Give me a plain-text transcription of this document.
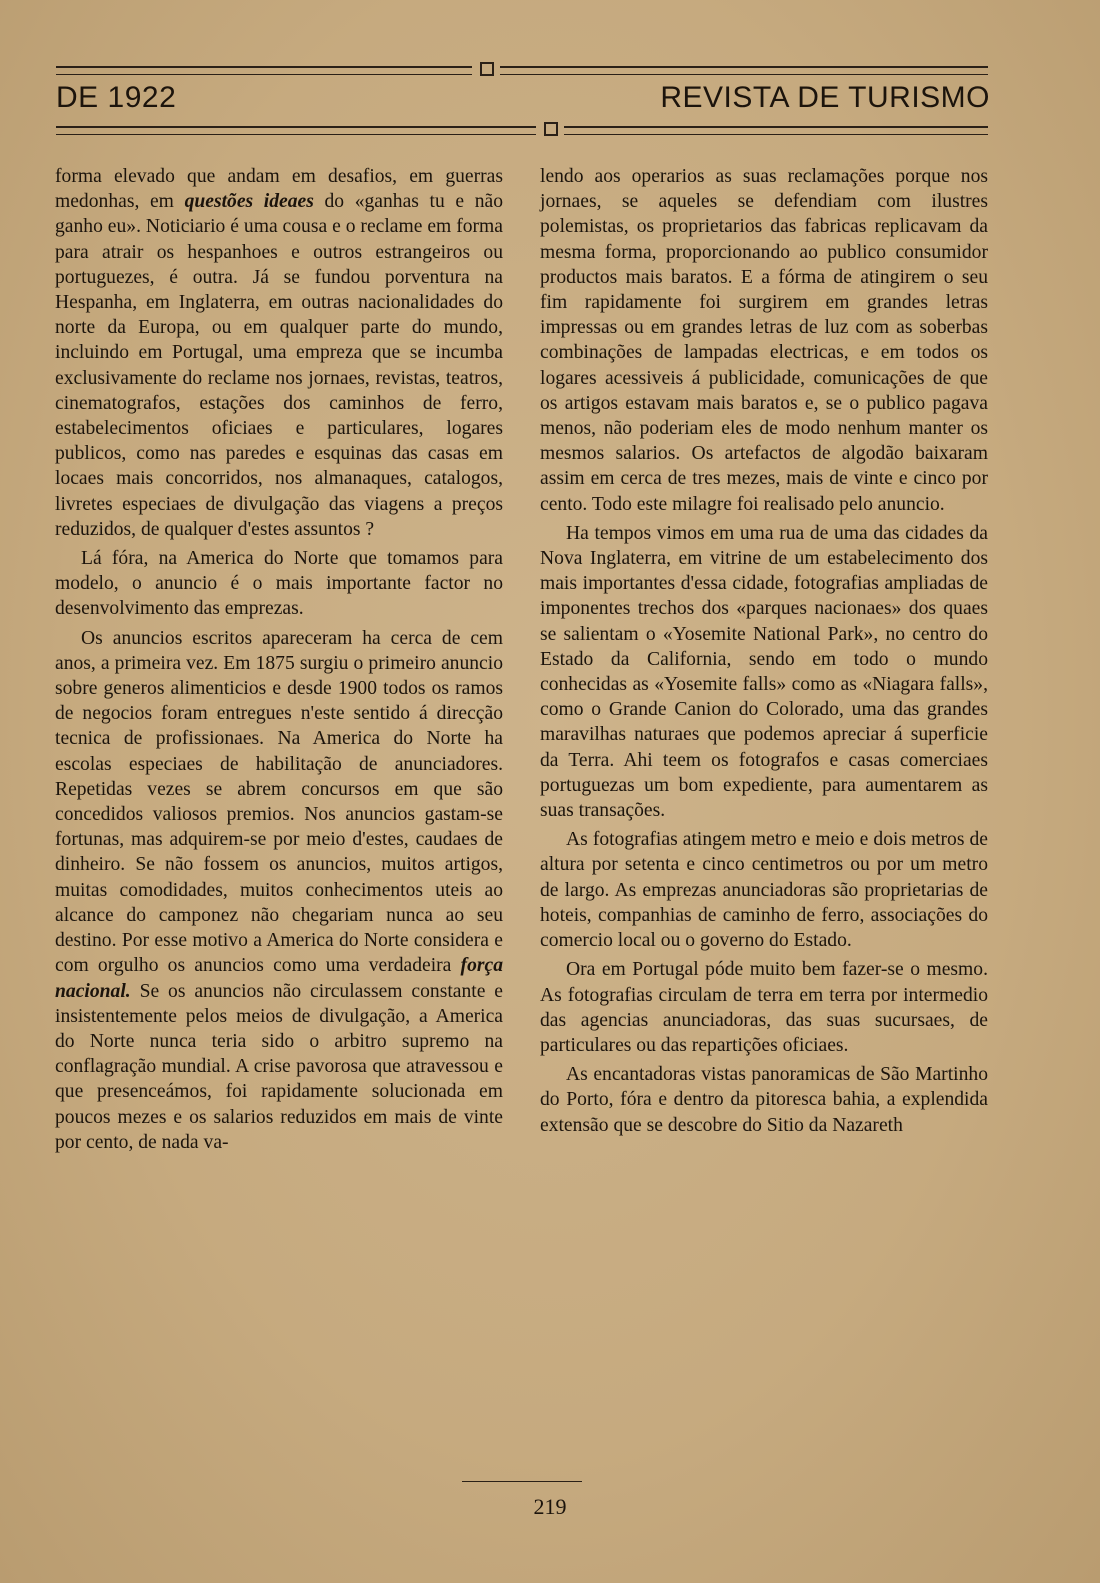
DE 1922	REVISTA DE TURISMO

forma elevado que andam em desafios, em guerras medonhas, em questões ideaes do «ganhas tu e não ganho eu». Noticiario é uma cousa e o reclame em forma para atrair os hespanhoes e outros estrangeiros ou portuguezes, é outra. Já se fundou porventura na Hespanha, em Inglaterra, em outras nacionalidades do norte da Europa, ou em qualquer parte do mundo, incluindo em Portugal, uma empreza que se incumba exclusivamente do reclame nos jornaes, revistas, teatros, cinematografos, estações dos caminhos de ferro, estabelecimentos oficiaes e particulares, logares publicos, como nas paredes e esquinas das casas em locaes mais concorridos, nos almanaques, catalogos, livretes especiaes de divulgação das viagens a preços reduzidos, de qualquer d'estes assuntos ?

Lá fóra, na America do Norte que tomamos para modelo, o anuncio é o mais importante factor no desenvolvimento das emprezas.

Os anuncios escritos apareceram ha cerca de cem anos, a primeira vez. Em 1875 surgiu o primeiro anuncio sobre generos alimenticios e desde 1900 todos os ramos de negocios foram entregues n'este sentido á direcção tecnica de profissionaes. Na America do Norte ha escolas especiaes de habilitação de anunciadores. Repetidas vezes se abrem concursos em que são concedidos valiosos premios. Nos anuncios gastam-se fortunas, mas adquirem-se por meio d'estes, caudaes de dinheiro. Se não fossem os anuncios, muitos artigos, muitas comodidades, muitos conhecimentos uteis ao alcance do camponez não chegariam nunca ao seu destino. Por esse motivo a America do Norte considera e com orgulho os anuncios como uma verdadeira força nacional. Se os anuncios não circulassem constante e insistentemente pelos meios de divulgação, a America do Norte nunca teria sido o arbitro supremo na conflagração mundial. A crise pavorosa que atravessou e que presenceámos, foi rapidamente solucionada em poucos mezes e os salarios reduzidos em mais de vinte por cento, de nada va-

lendo aos operarios as suas reclamações porque nos jornaes, se aqueles se defendiam com ilustres polemistas, os proprietarios das fabricas replicavam da mesma forma, proporcionando ao publico consumidor productos mais baratos. E a fórma de atingirem o seu fim rapidamente foi surgirem em grandes letras impressas ou em grandes letras de luz com as soberbas combinações de lampadas electricas, e em todos os logares acessiveis á publicidade, comunicações de que os artigos estavam mais baratos e, se o publico pagava menos, não poderiam eles de modo nenhum manter os mesmos salarios. Os artefactos de algodão baixaram assim em cerca de tres mezes, mais de vinte e cinco por cento. Todo este milagre foi realisado pelo anuncio.

Ha tempos vimos em uma rua de uma das cidades da Nova Inglaterra, em vitrine de um estabelecimento dos mais importantes d'essa cidade, fotografias ampliadas de imponentes trechos dos «parques nacionaes» dos quaes se salientam o «Yosemite National Park», no centro do Estado da California, sendo em todo o mundo conhecidas as «Yosemite falls» como as «Niagara falls», como o Grande Canion do Colorado, uma das grandes maravilhas naturaes que podemos apreciar á superficie da Terra. Ahi teem os fotografos e casas comerciaes portuguezas um bom expediente, para aumentarem as suas transações.

As fotografias atingem metro e meio e dois metros de altura por setenta e cinco centimetros ou por um metro de largo. As emprezas anunciadoras são proprietarias de hoteis, companhias de caminho de ferro, associações do comercio local ou o governo do Estado.

Ora em Portugal póde muito bem fazer-se o mesmo. As fotografias circulam de terra em terra por intermedio das agencias anunciadoras, das suas sucursaes, de particulares ou das repartições oficiaes.

As encantadoras vistas panoramicas de São Martinho do Porto, fóra e dentro da pitoresca bahia, a explendida extensão que se descobre do Sitio da Nazareth

219
